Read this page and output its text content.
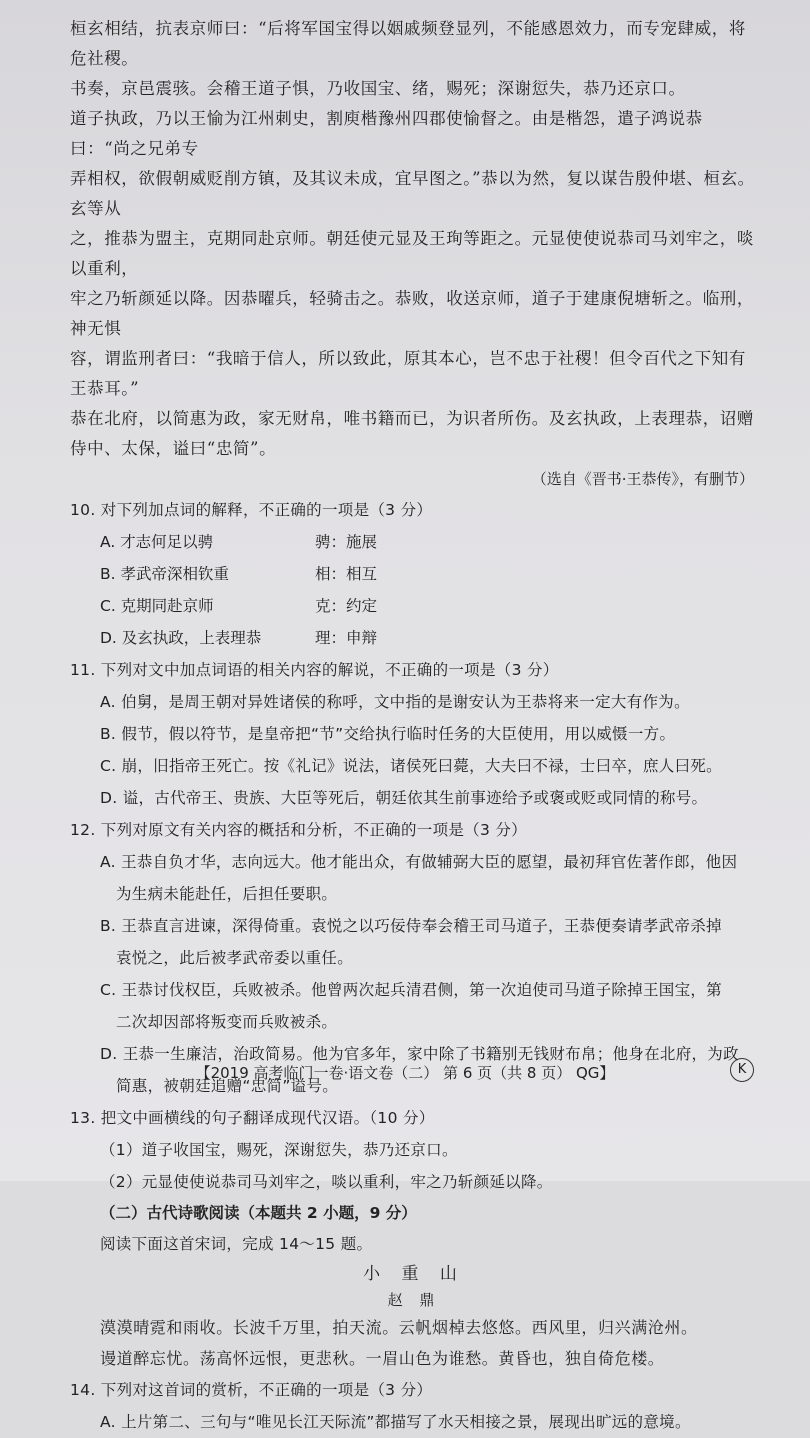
桓玄相结，抗表京师曰：“后将军国宝得以姻戚频登显列，不能感恩效力，而专宠肆威，将危社稷。

书奏，京邑震骇。会稽王道子惧，乃收国宝、绪，赐死；深谢愆失，恭乃还京口。

道子执政，乃以王愉为江州刺史，割庾楷豫州四郡使愉督之。由是楷怨，遣子鸿说恭曰：“尚之兄弟专

弄相权，欲假朝威贬削方镇，及其议未成，宜早图之。”恭以为然，复以谋告殷仲堪、桓玄。玄等从

之，推恭为盟主，克期同赴京师。朝廷使元显及王珣等距之。元显使使说恭司马刘牢之，啖以重利，

牢之乃斩颜延以降。因恭曜兵，轻骑击之。恭败，收送京师，道子于建康倪塘斩之。临刑，神无惧

容，谓监刑者曰：“我暗于信人，所以致此，原其本心，岂不忠于社稷！但令百代之下知有王恭耳。”

恭在北府，以简惠为政，家无财帛，唯书籍而已，为识者所伤。及玄执政，上表理恭，诏赠侍中、太保，谥曰“忠简”。

（选自《晋书·王恭传》，有删节）

10. 对下列加点词的解释，不正确的一项是（3 分）

A. 才志何足以骋	骋：施展
B. 孝武帝深相钦重	相：相互
C. 克期同赴京师	克：约定
D. 及玄执政，上表理恭	理：申辩

11. 下列对文中加点词语的相关内容的解说，不正确的一项是（3 分）

A. 伯舅，是周王朝对异姓诸侯的称呼，文中指的是谢安认为王恭将来一定大有作为。

B. 假节，假以符节，是皇帝把“节”交给执行临时任务的大臣使用，用以威慑一方。

C. 崩，旧指帝王死亡。按《礼记》说法，诸侯死曰薨，大夫曰不禄，士曰卒，庶人曰死。

D. 谥，古代帝王、贵族、大臣等死后，朝廷依其生前事迹给予或褒或贬或同情的称号。

12. 下列对原文有关内容的概括和分析，不正确的一项是（3 分）

A. 王恭自负才华，志向远大。他才能出众，有做辅弼大臣的愿望，最初拜官佐著作郎，他因

为生病未能赴任，后担任要职。

B. 王恭直言进谏，深得倚重。袁悦之以巧佞侍奉会稽王司马道子，王恭便奏请孝武帝杀掉

袁悦之，此后被孝武帝委以重任。

C. 王恭讨伐权臣，兵败被杀。他曾两次起兵清君侧，第一次迫使司马道子除掉王国宝，第

二次却因部将叛变而兵败被杀。

D. 王恭一生廉洁，治政简易。他为官多年，家中除了书籍别无钱财布帛；他身在北府，为政

简惠，被朝廷追赠“忠简”谥号。

13. 把文中画横线的句子翻译成现代汉语。（10 分）

（1）道子收国宝，赐死，深谢愆失，恭乃还京口。

（2）元显使使说恭司马刘牢之，啖以重利，牢之乃斩颜延以降。

（二）古代诗歌阅读（本题共 2 小题，9 分）

阅读下面这首宋词，完成 14～15 题。

小 重 山

赵 鼎

漠漠晴霓和雨收。长波千万里，拍天流。云帆烟棹去悠悠。西风里，归兴满沧州。

谩道醉忘忧。荡高怀远恨，更悲秋。一眉山色为谁愁。黄昏也，独自倚危楼。

14. 下列对这首词的赏析，不正确的一项是（3 分）

A. 上片第二、三句与“唯见长江天际流”都描写了水天相接之景，展现出旷远的意境。

【2019 高考临门一卷·语文卷（二） 第 6 页（共 8 页） QG】	K
